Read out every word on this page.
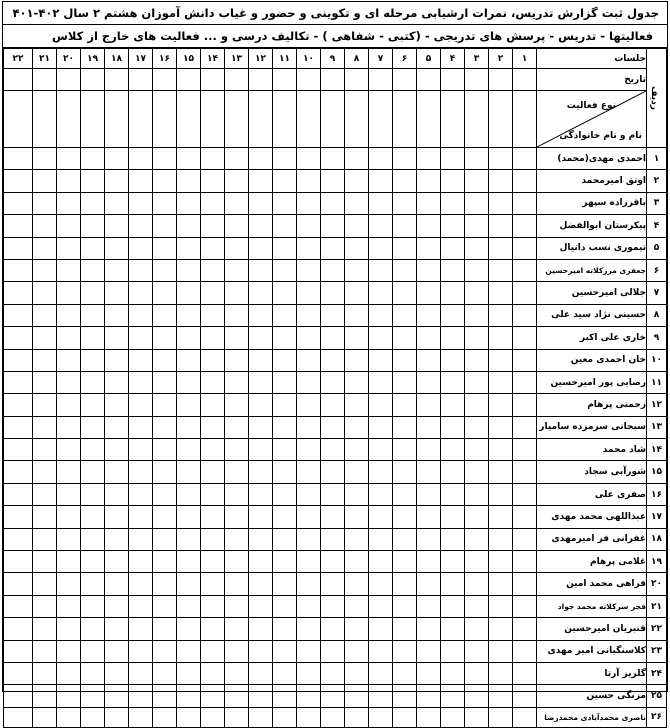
جدول ثبت گزارش تدریس، نمرات ارشیابی مرحله ای و تکوینی و حضور و غیاب دانش آموزان هشتم ۲ سال ۴۰۲-۴۰۱
فعالیتها - تدریس - پرسش های تدریجی - (کتبی - شفاهی ) - تکالیف درسی و ... فعالیت های خارج از کلاس
ردیف	جلسات	۱	۲	۳	۴	۵	۶	۷	۸	۹	۱۰	۱۱	۱۲	۱۳	۱۴	۱۵	۱۶	۱۷	۱۸	۱۹	۲۰	۲۱	۲۲
	تاریخ																						

	نوع فعالیت
نام و نام خانوادگی																						

۱	احمدی مهدی(محمد)																						
۲	اوتق امیرمحمد																						
۳	باقرزاده سپهر																						
۴	پیکرستان ابوالفضل																						
۵	تیموری نسب دانیال																						
۶	جعفری مرزکلاته امیرحسین																						
۷	جلالی امیرحسین																						
۸	حسینی نژاد سید علی																						
۹	خاری علی اکبر																						
۱۰	خان احمدی معین																						
۱۱	رضایی پور امیرحسین																						
۱۲	زحمتی پرهام																						
۱۳	سبحانی سرمزده سامیار																						
۱۴	شاد محمد																						
۱۵	شورآبی سجاد																						
۱۶	صفری علی																						
۱۷	عبداللهی محمد مهدی																						
۱۸	غفرانی فر امیرمهدی																						
۱۹	غلامی پرهام																						
۲۰	فراهی محمد امین																						
۲۱	فجر سرکلاته محمد جواد																						
۲۲	قنبریان امیرحسین																						
۲۳	کلاسنگیانی امیر مهدی																						
۲۴	گلریز آرتا																						
۲۵	مزنگی حسین																						
۲۶	ناصری محمدآبادی محمدرضا																						
